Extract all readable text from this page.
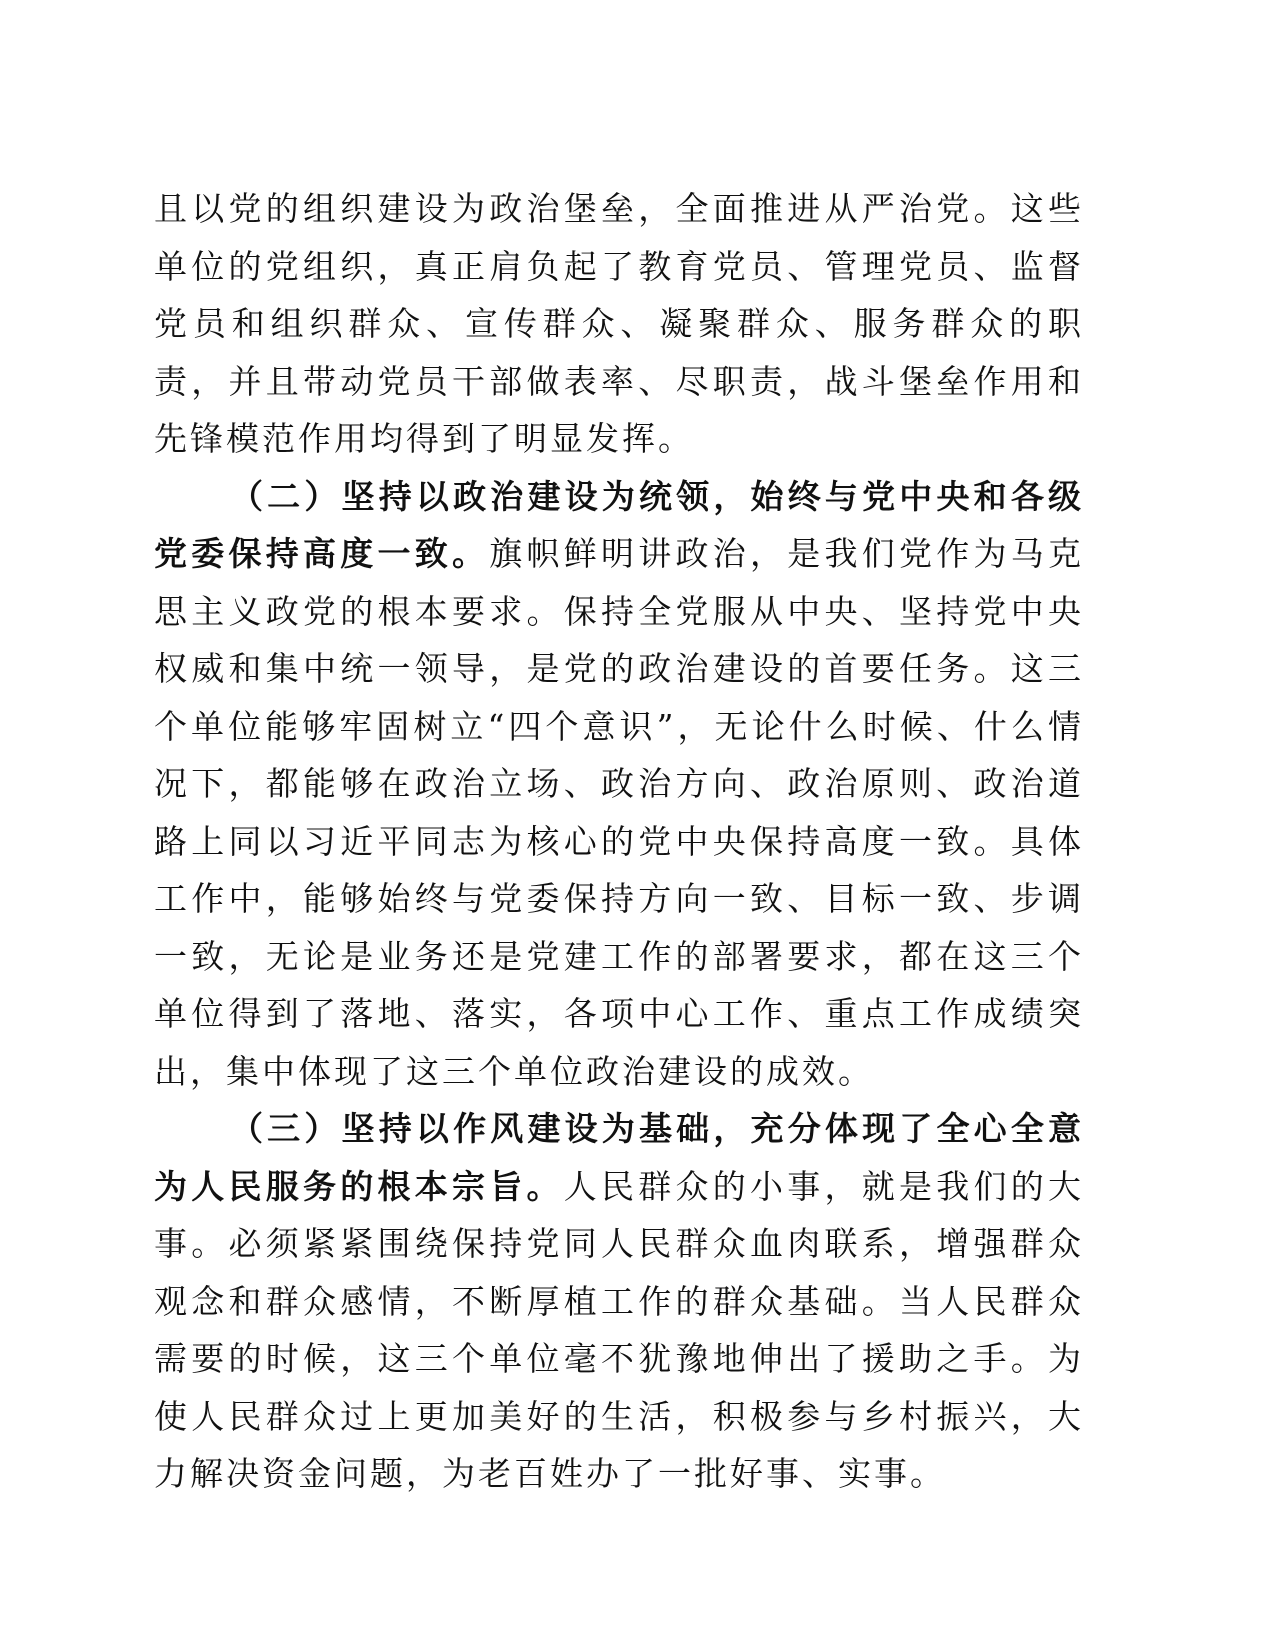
且以党的组织建设为政治堡垒，全面推进从严治党。这些单位的党组织，真正肩负起了教育党员、管理党员、监督党员和组织群众、宣传群众、凝聚群众、服务群众的职责，并且带动党员干部做表率、尽职责，战斗堡垒作用和先锋模范作用均得到了明显发挥。

（二）坚持以政治建设为统领，始终与党中央和各级党委保持高度一致。旗帜鲜明讲政治，是我们党作为马克思主义政党的根本要求。保持全党服从中央、坚持党中央权威和集中统一领导，是党的政治建设的首要任务。这三个单位能够牢固树立“四个意识”，无论什么时候、什么情况下，都能够在政治立场、政治方向、政治原则、政治道路上同以习近平同志为核心的党中央保持高度一致。具体工作中，能够始终与党委保持方向一致、目标一致、步调一致，无论是业务还是党建工作的部署要求，都在这三个单位得到了落地、落实，各项中心工作、重点工作成绩突出，集中体现了这三个单位政治建设的成效。

（三）坚持以作风建设为基础，充分体现了全心全意为人民服务的根本宗旨。人民群众的小事，就是我们的大事。必须紧紧围绕保持党同人民群众血肉联系，增强群众观念和群众感情，不断厚植工作的群众基础。当人民群众需要的时候，这三个单位毫不犹豫地伸出了援助之手。为使人民群众过上更加美好的生活，积极参与乡村振兴，大力解决资金问题，为老百姓办了一批好事、实事。
